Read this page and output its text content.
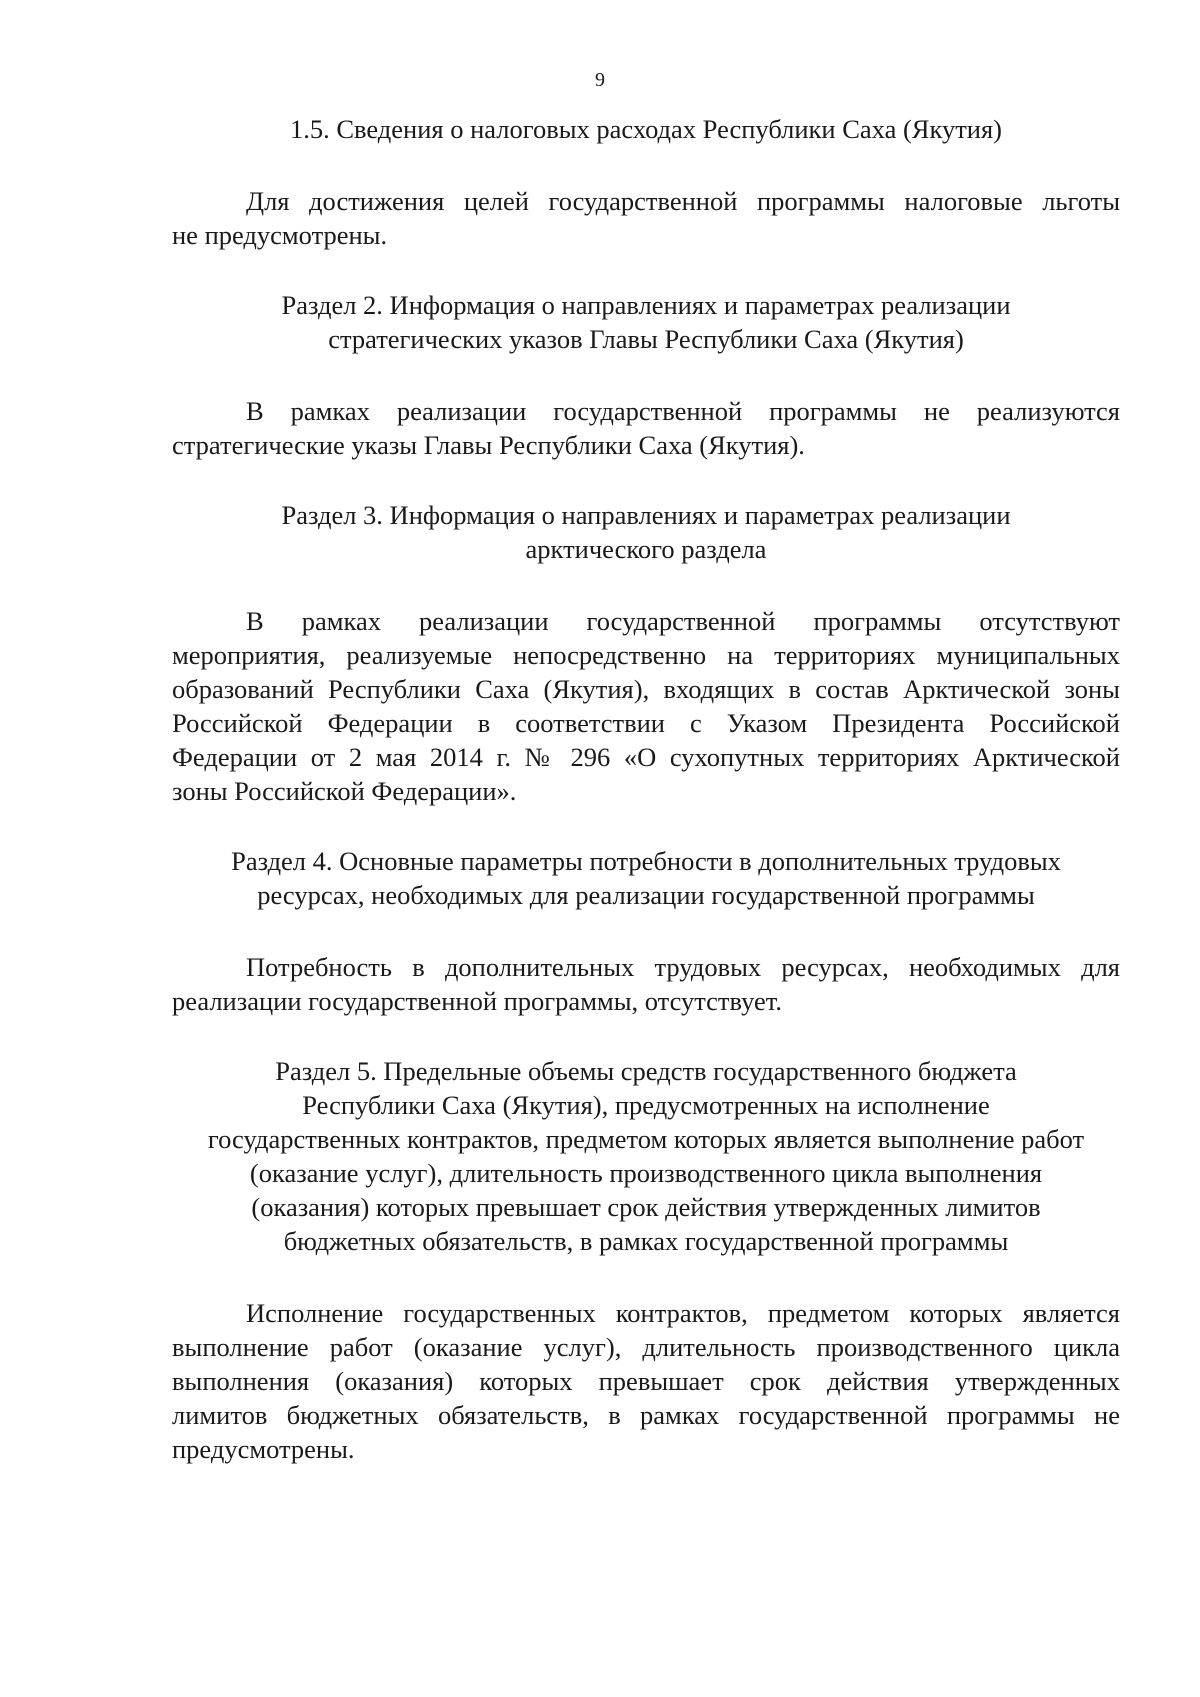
9
1.5. Сведения о налоговых расходах Республики Саха (Якутия)

Для достижения целей государственной программы налоговые льготы
не предусмотрены.

Раздел 2. Информация о направлениях и параметрах реализации
стратегических указов Главы Республики Саха (Якутия)

В рамках реализации государственной программы не реализуются
стратегические указы Главы Республики Саха (Якутия).

Раздел 3. Информация о направлениях и параметрах реализации
арктического раздела

В рамках реализации государственной программы отсутствуют
мероприятия, реализуемые непосредственно на территориях муниципальных
образований Республики Саха (Якутия), входящих в состав Арктической зоны
Российской Федерации в соответствии с Указом Президента Российской
Федерации от 2 мая 2014 г. № 296 «О сухопутных территориях Арктической
зоны Российской Федерации».

Раздел 4. Основные параметры потребности в дополнительных трудовых
ресурсах, необходимых для реализации государственной программы

Потребность в дополнительных трудовых ресурсах, необходимых для
реализации государственной программы, отсутствует.

Раздел 5. Предельные объемы средств государственного бюджета
Республики Саха (Якутия), предусмотренных на исполнение
государственных контрактов, предметом которых является выполнение работ
(оказание услуг), длительность производственного цикла выполнения
(оказания) которых превышает срок действия утвержденных лимитов
бюджетных обязательств, в рамках государственной программы

Исполнение государственных контрактов, предметом которых является
выполнение работ (оказание услуг), длительность производственного цикла
выполнения (оказания) которых превышает срок действия утвержденных
лимитов бюджетных обязательств, в рамках государственной программы не
предусмотрены.
